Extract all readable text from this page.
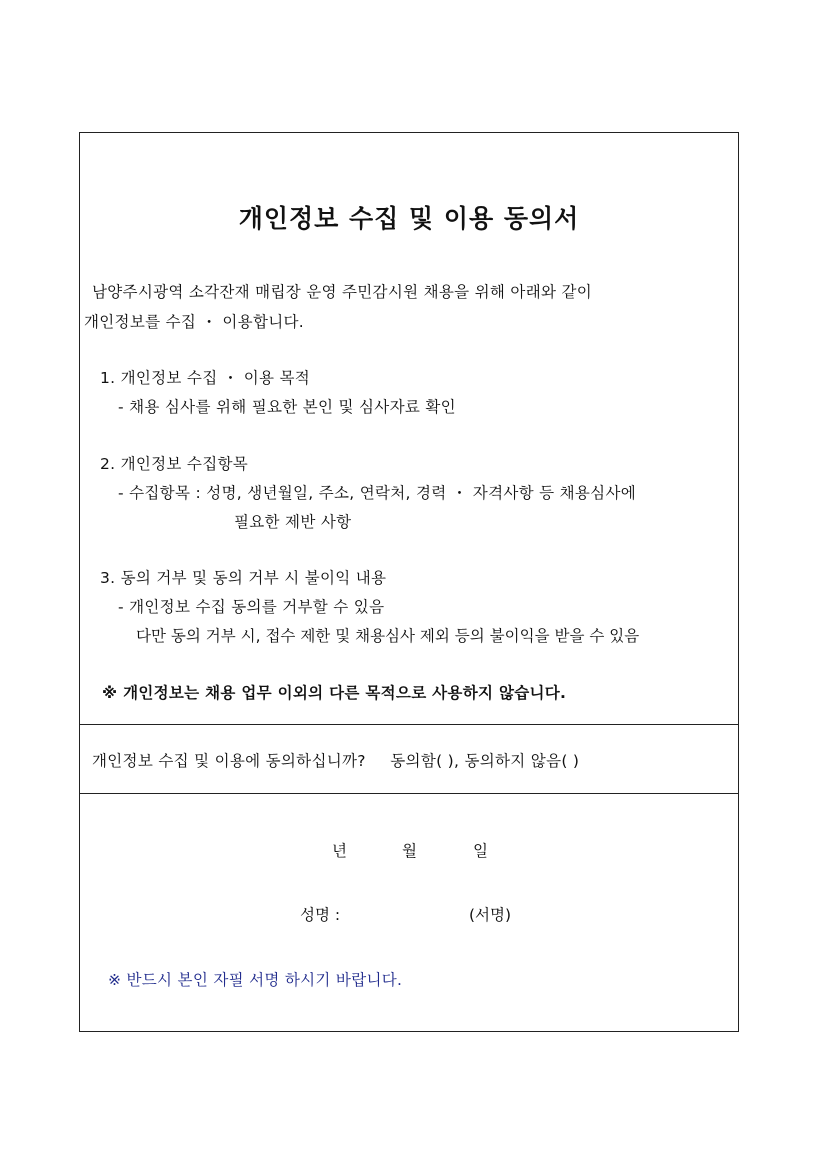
개인정보 수집 및 이용 동의서
남양주시광역 소각잔재 매립장 운영 주민감시원 채용을 위해 아래와 같이
개인정보를 수집 ・ 이용합니다.
1. 개인정보 수집 ・ 이용 목적
- 채용 심사를 위해 필요한 본인 및 심사자료 확인
2. 개인정보 수집항목
- 수집항목 : 성명, 생년월일, 주소, 연락처, 경력 ・ 자격사항 등 채용심사에
필요한 제반 사항
3. 동의 거부 및 동의 거부 시 불이익 내용
- 개인정보 수집 동의를 거부할 수 있음
다만 동의 거부 시, 접수 제한 및 채용심사 제외 등의 불이익을 받을 수 있음
※ 개인정보는 채용 업무 이외의 다른 목적으로 사용하지 않습니다.
개인정보 수집 및 이용에 동의하십니까? 동의함( ), 동의하지 않음( )
년	월	일
성명 :	(서명)
※ 반드시 본인 자필 서명 하시기 바랍니다.
